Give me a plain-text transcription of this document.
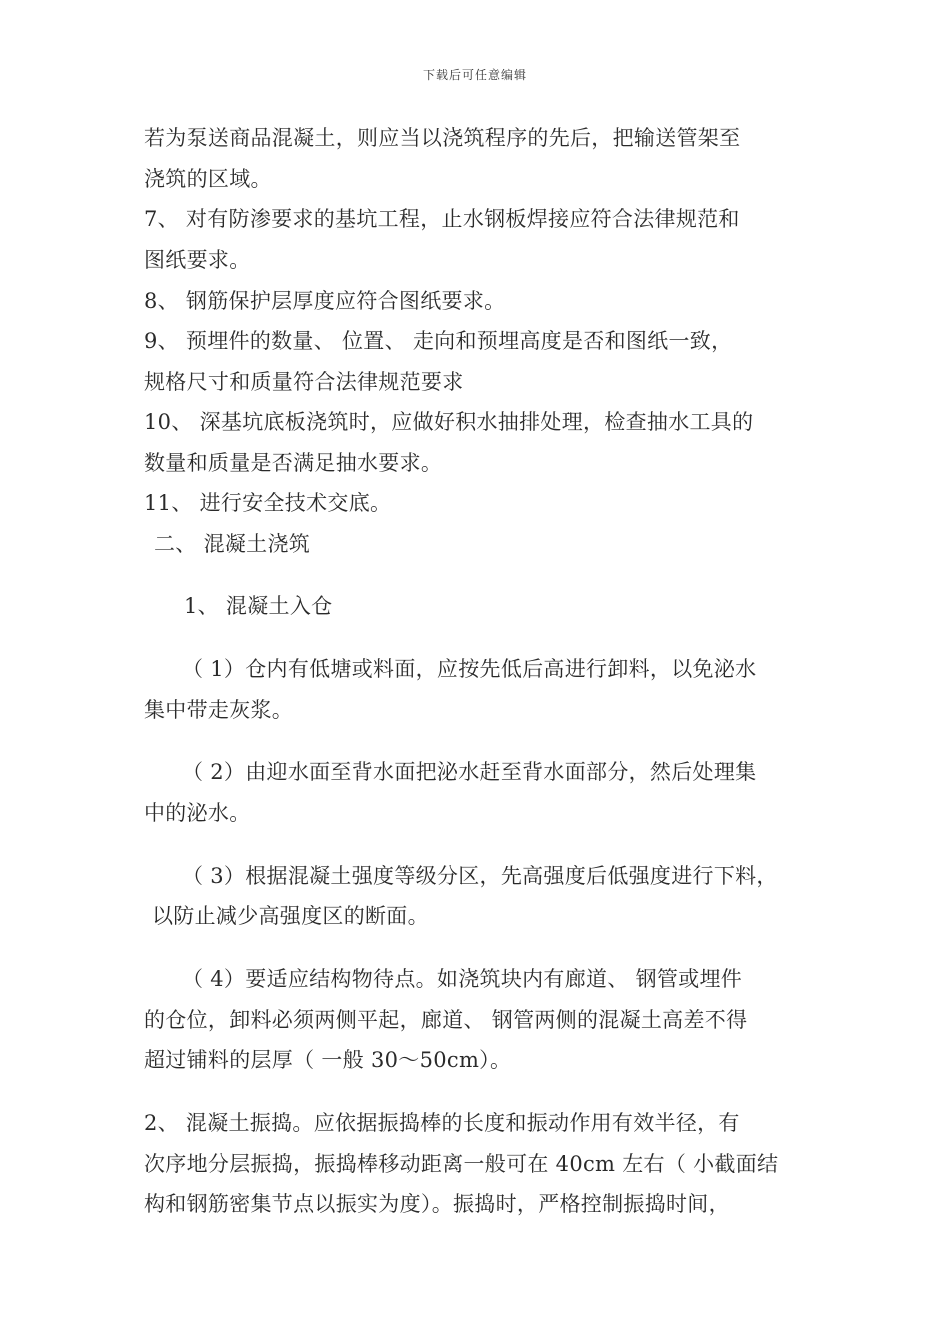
下载后可任意编辑
若为泵送商品混凝土，则应当以浇筑程序的先后，把输送管架至
浇筑的区域。
7、 对有防渗要求的基坑工程，止水钢板焊接应符合法律规范和
图纸要求。
8、 钢筋保护层厚度应符合图纸要求。
9、 预埋件的数量、 位置、 走向和预埋高度是否和图纸一致，
规格尺寸和质量符合法律规范要求
10、 深基坑底板浇筑时，应做好积水抽排处理，检查抽水工具的
数量和质量是否满足抽水要求。
11、 进行安全技术交底。
二、 混凝土浇筑
1、 混凝土入仓
（ 1）仓内有低塘或料面，应按先低后高进行卸料，以免泌水
集中带走灰浆。
（ 2）由迎水面至背水面把泌水赶至背水面部分，然后处理集
中的泌水。
（ 3）根据混凝土强度等级分区，先高强度后低强度进行下料，
以防止减少高强度区的断面。
（ 4）要适应结构物待点。如浇筑块内有廊道、 钢管或埋件
的仓位，卸料必须两侧平起，廊道、 钢管两侧的混凝土高差不得
超过铺料的层厚（ 一般 30〜50cm）。
2、 混凝土振捣。应依据振捣棒的长度和振动作用有效半径，有
次序地分层振捣，振捣棒移动距离一般可在 40cm 左右（ 小截面结
构和钢筋密集节点以振实为度）。振捣时，严格控制振捣时间，
